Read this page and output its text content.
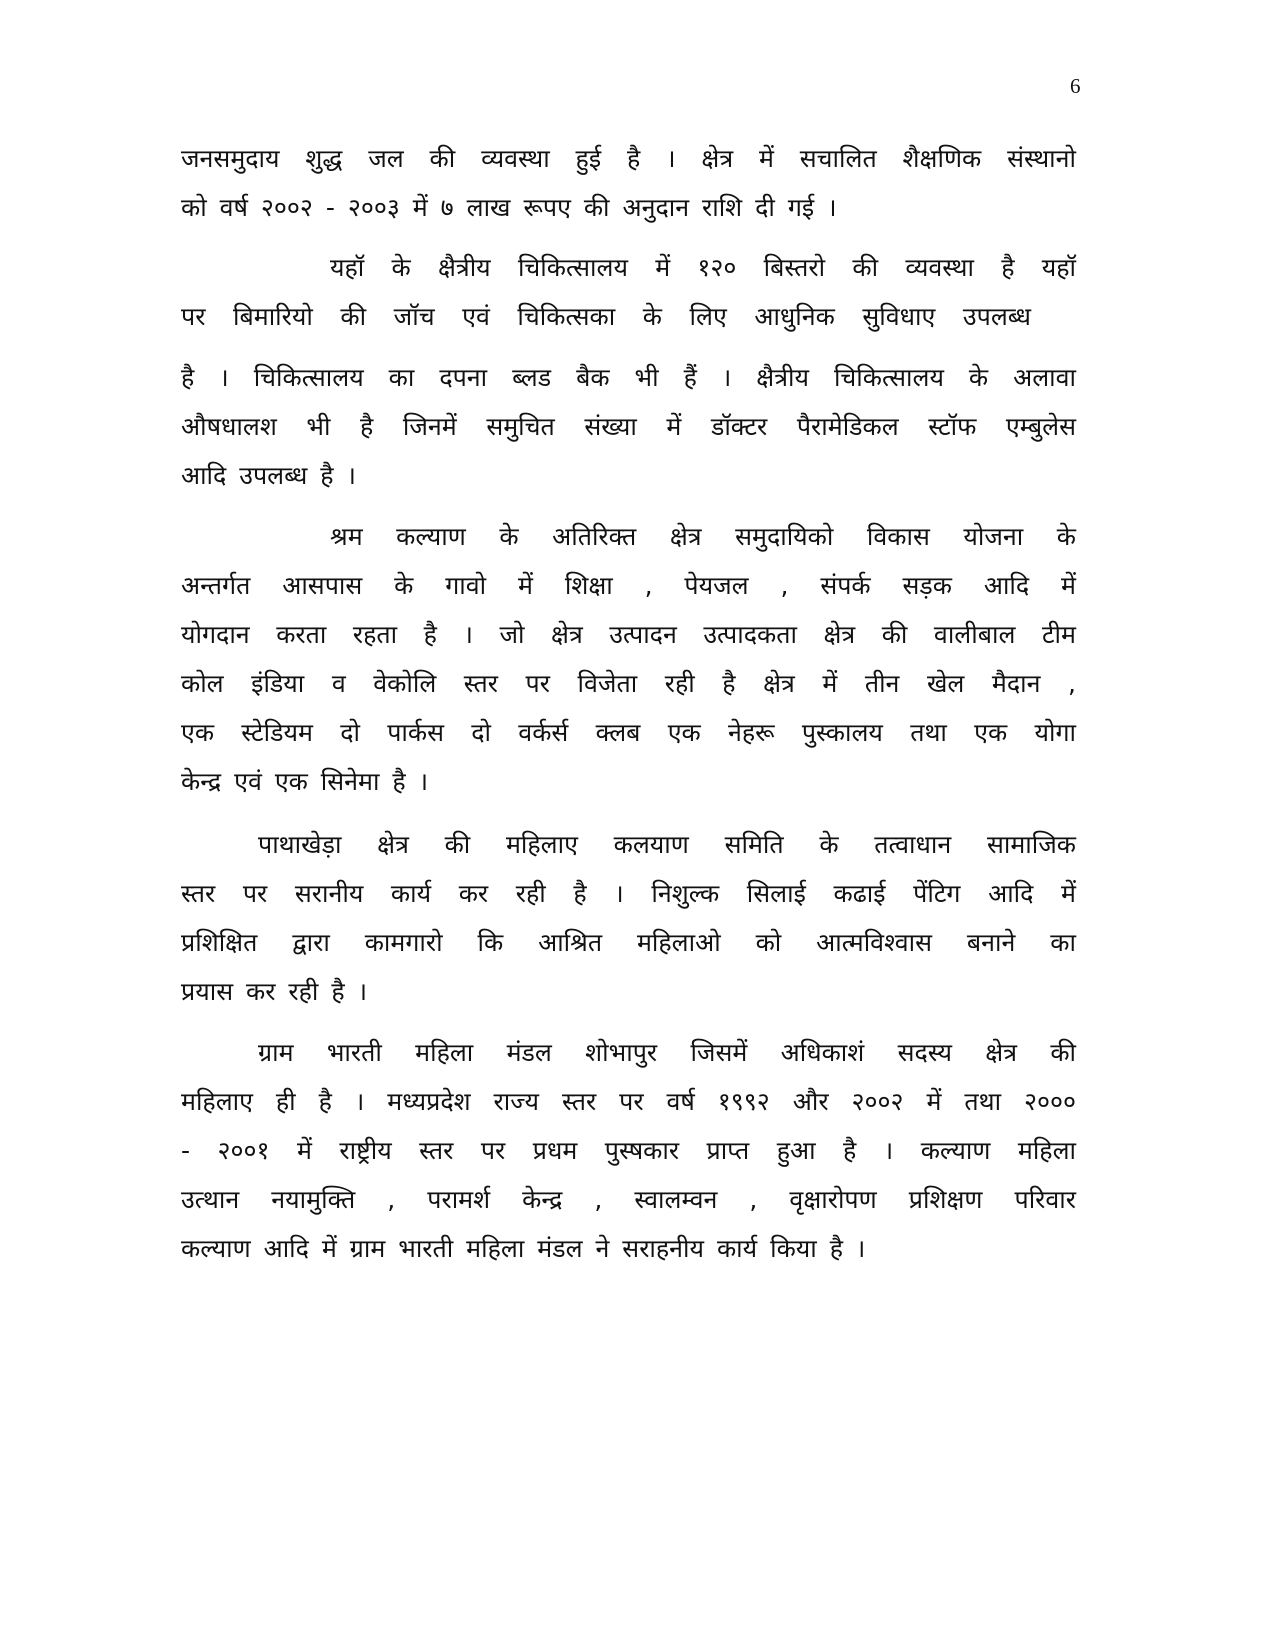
6
जनसमुदाय शुद्ध जल की व्यवस्था हुई है । क्षेत्र में सचालित शैक्षणिक संस्थानो
को वर्ष २००२ - २००३ में ७ लाख रूपए की अनुदान राशि दी गई ।
यहॉ के क्षैत्रीय चिकित्सालय में १२० बिस्तरो की व्यवस्था है यहॉ
पर बिमारियो की जॉच एवं चिकित्सका के लिए आधुनिक सुविधाए उपलब्ध
है । चिकित्सालय का दपना ब्लड बैक भी हैं । क्षैत्रीय चिकित्सालय के अलावा
औषधालश भी है जिनमें समुचित संख्या में डॉक्टर पैरामेडिकल स्टॉफ एम्बुलेस
आदि उपलब्ध है ।
श्रम कल्याण के अतिरिक्त क्षेत्र समुदायिको विकास योजना के
अन्तर्गत आसपास के गावो में शिक्षा , पेयजल , संपर्क सड़क आदि में
योगदान करता रहता है । जो क्षेत्र उत्पादन उत्पादकता क्षेत्र की वालीबाल टीम
कोल इंडिया व वेकोलि स्तर पर विजेता रही है क्षेत्र में तीन खेल मैदान ,
एक स्टेडियम दो पार्कस दो वर्कर्स क्लब एक नेहरू पुस्कालय तथा एक योगा
केन्द्र एवं एक सिनेमा है ।
पाथाखेड़ा क्षेत्र की महिलाए कलयाण समिति के तत्वाधान सामाजिक
स्तर पर सरानीय कार्य कर रही है । निशुल्क सिलाई कढाई पेंटिग आदि में
प्रशिक्षित द्वारा कामगारो कि आश्रित महिलाओ को आत्मविश्वास बनाने का
प्रयास कर रही है ।
ग्राम भारती महिला मंडल शोभापुर जिसमें अधिकाशं सदस्य क्षेत्र की
महिलाए ही है । मध्यप्रदेश राज्य स्तर पर वर्ष १९९२ और २००२ में तथा २०००
- २००१ में राष्ट्रीय स्तर पर प्रधम पुस्षकार प्राप्त हुआ है । कल्याण महिला
उत्थान नयामुक्ति , परामर्श केन्द्र , स्वालम्वन , वृक्षारोपण प्रशिक्षण परिवार
कल्याण आदि में ग्राम भारती महिला मंडल ने सराहनीय कार्य किया है ।
